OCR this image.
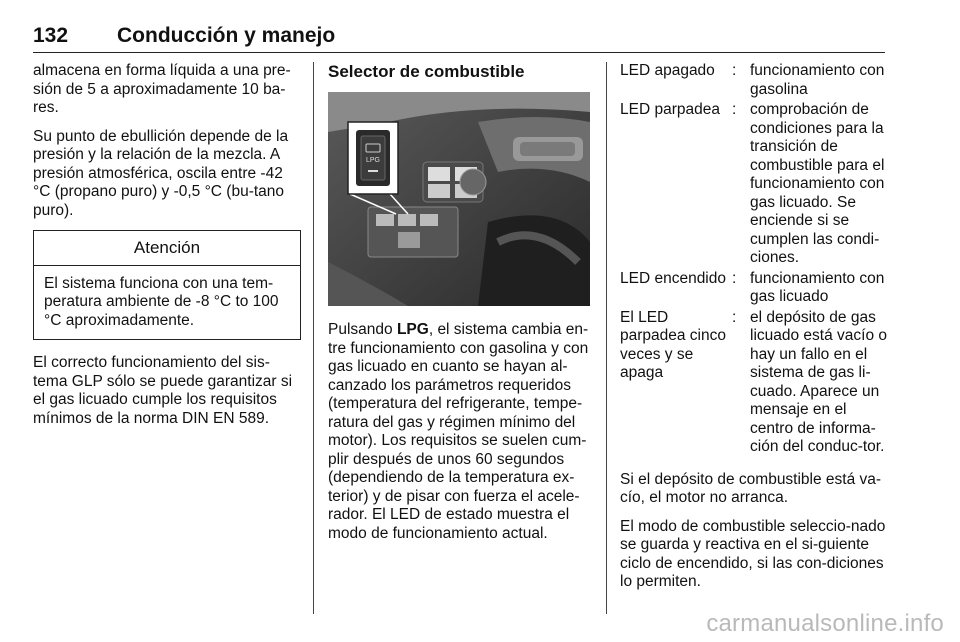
132 Conducción y manejo

almacena en forma líquida a una pre-sión de 5 a aproximadamente 10 ba-res.

Su punto de ebullición depende de la presión y la relación de la mezcla. A presión atmosférica, oscila entre -42 °C (propano puro) y -0,5 °C (bu-tano puro).

Atención
El sistema funciona con una tem-peratura ambiente de -8 °C to 100 °C aproximadamente.

El correcto funcionamiento del sis-tema GLP sólo se puede garantizar si el gas licuado cumple los requisitos mínimos de la norma DIN EN 589.

Selector de combustible
LPG

Pulsando LPG, el sistema cambia en-tre funcionamiento con gasolina y con gas licuado en cuanto se hayan al-canzado los parámetros requeridos (temperatura del refrigerante, tempe-ratura del gas y régimen mínimo del motor). Los requisitos se suelen cum-plir después de unos 60 segundos (dependiendo de la temperatura ex-terior) y de pisar con fuerza el acele-rador. El LED de estado muestra el modo de funcionamiento actual.

LED apagado	: funcionamiento con gasolina
LED parpadea : comprobación de condiciones para la transición de combustible para el funcionamiento con gas licuado. Se enciende si se cumplen las condi-ciones.
LED encendido : funcionamiento con gas licuado
El LED parpadea cinco veces y se apaga
: el depósito de gas licuado está vacío o hay un fallo en el sistema de gas li-cuado. Aparece un mensaje en el centro de informa-ción del conduc-tor.

Si el depósito de combustible está va-cío, el motor no arranca.

El modo de combustible seleccio-nado se guarda y reactiva en el si-guiente ciclo de encendido, si las con-diciones lo permiten.

carmanualsonline.info
